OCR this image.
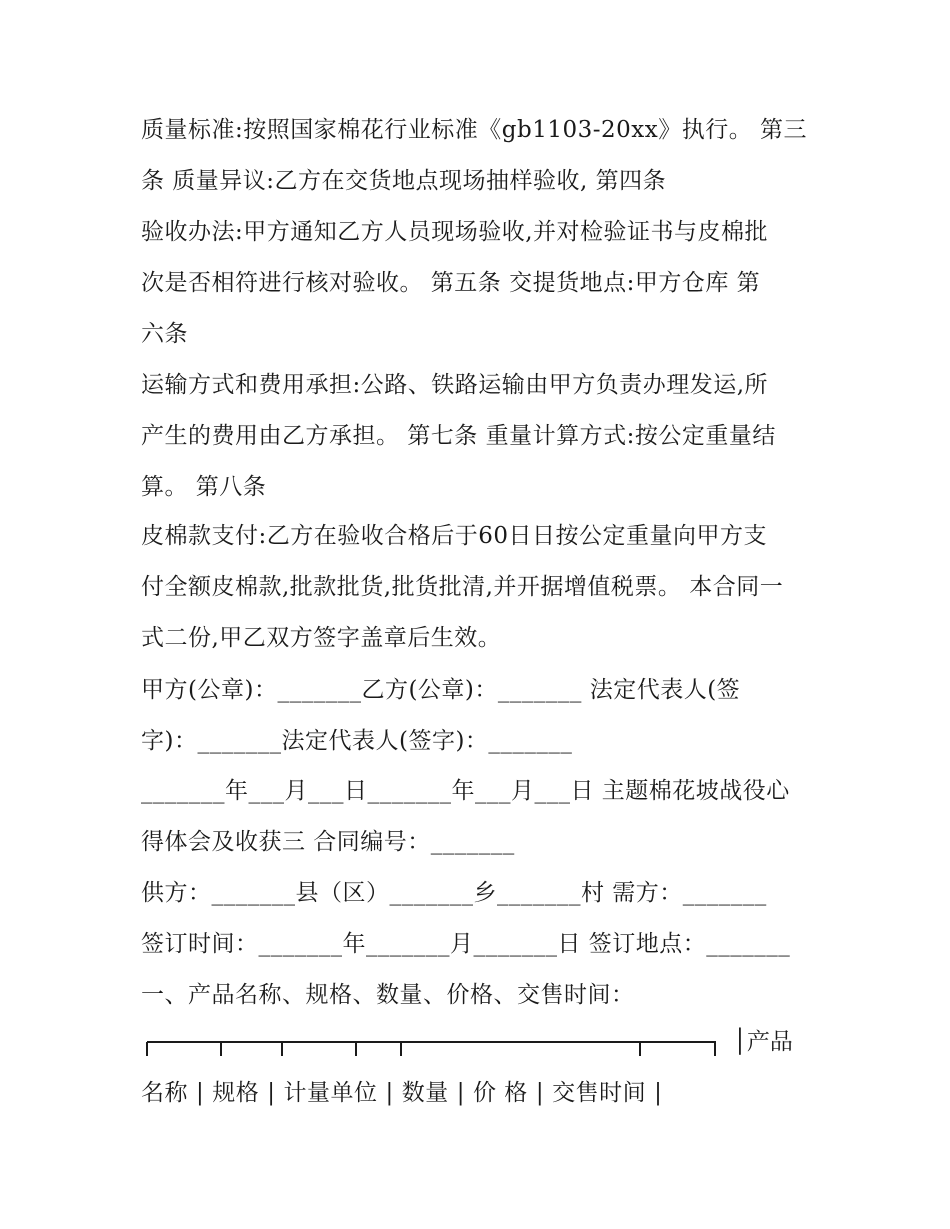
质量标准:按照国家棉花行业标准《gb1103-20xx》执行。 第三
条 质量异议:乙方在交货地点现场抽样验收, 第四条
验收办法:甲方通知乙方人员现场验收,并对检验证书与皮棉批
次是否相符进行核对验收。 第五条 交提货地点:甲方仓库 第
六条
运输方式和费用承担:公路、铁路运输由甲方负责办理发运,所
产生的费用由乙方承担。 第七条 重量计算方式:按公定重量结
算。 第八条
皮棉款支付:乙方在验收合格后于60日日按公定重量向甲方支
付全额皮棉款,批款批货,批货批清,并开据增值税票。 本合同一
式二份,甲乙双方签字盖章后生效。
甲方(公章)：_______乙方(公章)：_______ 法定代表人(签
字)：_______法定代表人(签字)：_______
_______年___月___日_______年___月___日 主题棉花坡战役心
得体会及收获三 合同编号：_______
供方：_______县（区）_______乡_______村 需方：_______
签订时间：_______年_______月_______日 签订地点：_______
一、产品名称、规格、数量、价格、交售时间：
│产品
名称 | 规格 | 计量单位 | 数量 | 价 格 | 交售时间 |
